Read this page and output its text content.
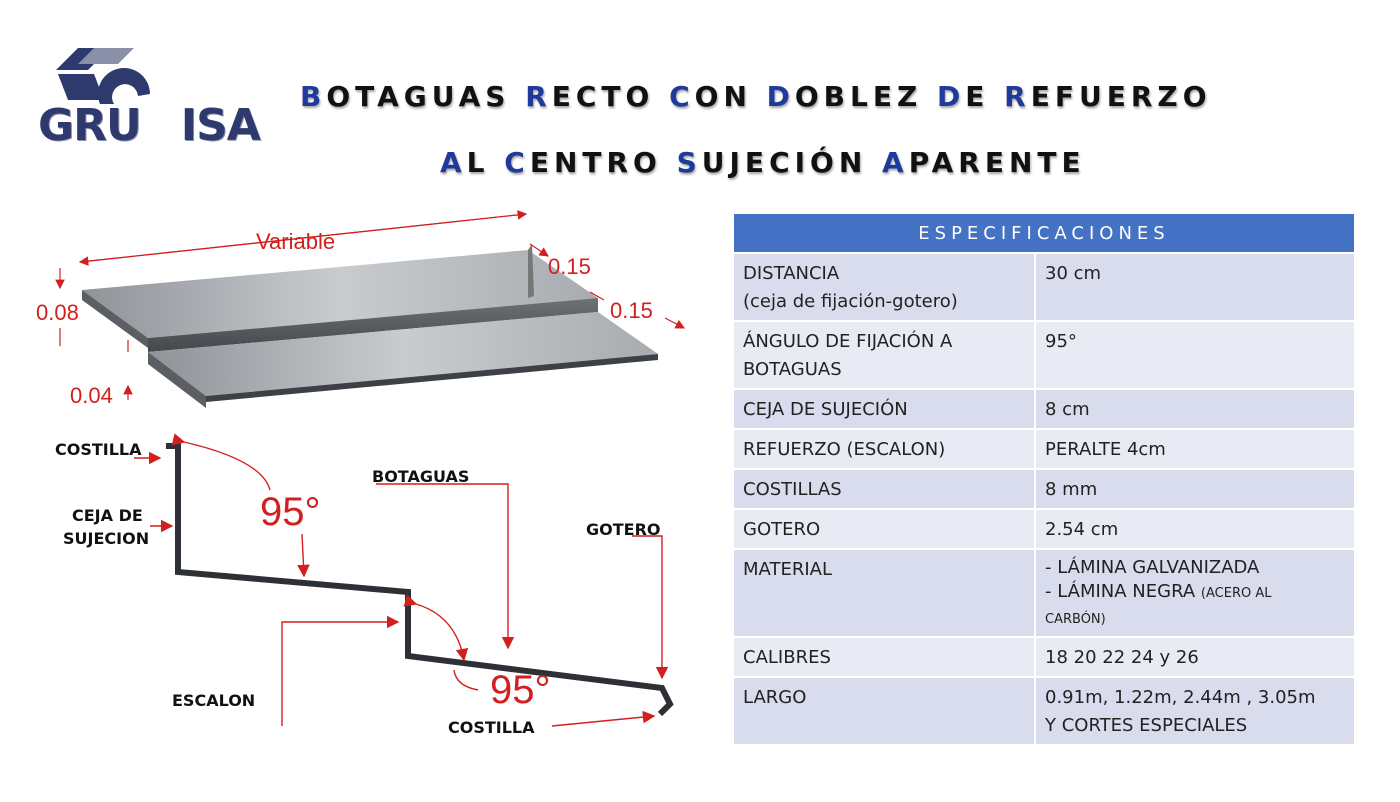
GRU ISA
BOTAGUAS RECTO CON DOBLEZ DE REFUERZO
AL CENTRO SUJECIÓN APARENTE
Variable
0.15
0.15
0.08
0.04
COSTILLA
CEJA DE
SUJECION
BOTAGUAS
GOTERO
ESCALON
COSTILLA
95°
95°
ESPECIFICACIONES	
DISTANCIA
(ceja de fijación-gotero)	30 cm
ÁNGULO DE FIJACIÓN A
BOTAGUAS	95°
CEJA DE SUJECIÓN	8 cm
REFUERZO (ESCALON)	PERALTE 4cm
COSTILLAS	8 mm
GOTERO	2.54 cm
MATERIAL	- LÁMINA GALVANIZADA
- LÁMINA NEGRA (ACERO AL
CARBÓN)
CALIBRES	18 20 22 24 y 26
LARGO	0.91m, 1.22m, 2.44m , 3.05m
Y CORTES ESPECIALES
